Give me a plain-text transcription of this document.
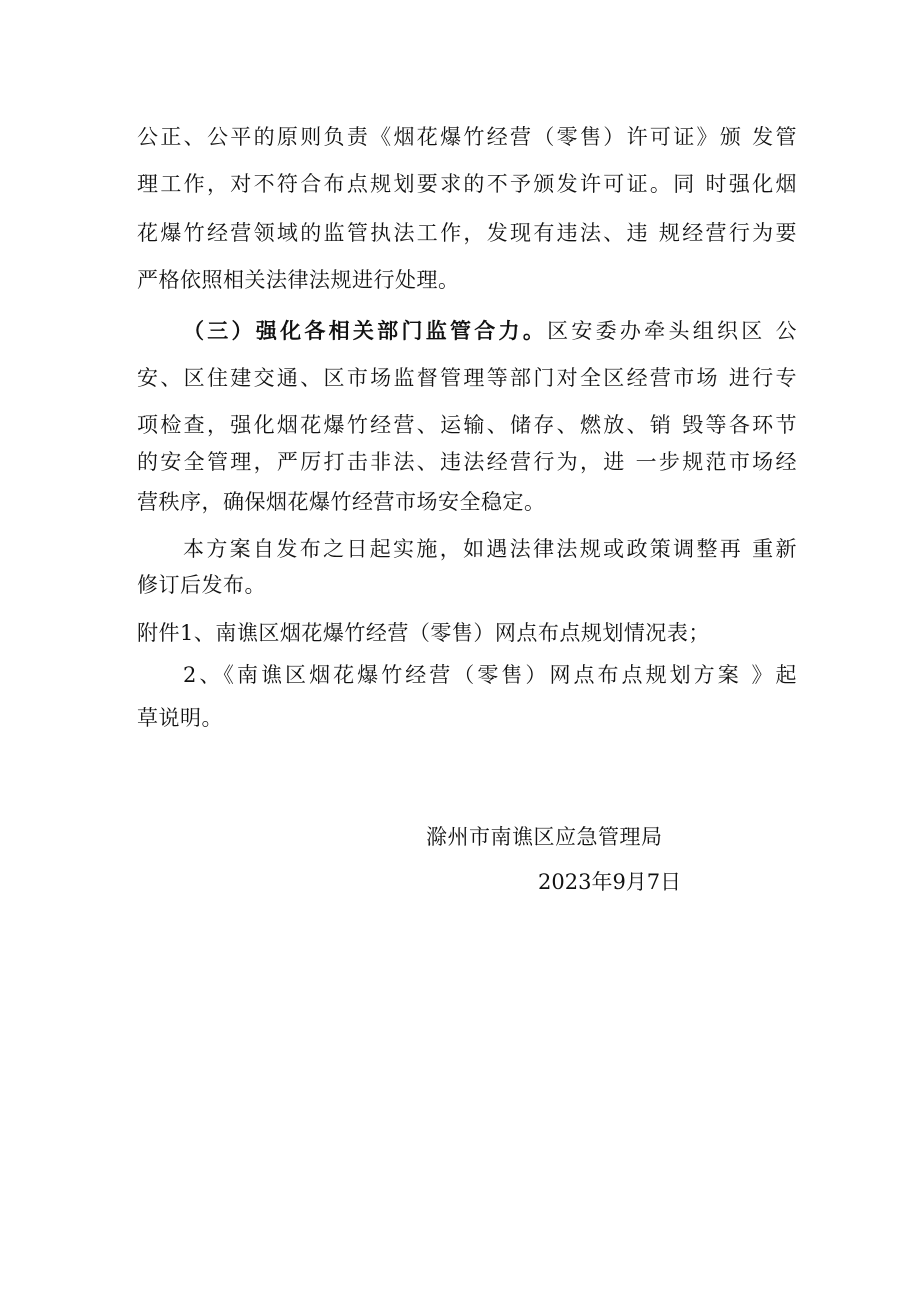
公正、公平的原则负责《烟花爆竹经营（零售）许可证》颁 发管
理工作，对不符合布点规划要求的不予颁发许可证。同 时强化烟
花爆竹经营领域的监管执法工作，发现有违法、违 规经营行为要
严格依照相关法律法规进行处理。
（三）强化各相关部门监管合力。区安委办牵头组织区 公
安、区住建交通、区市场监督管理等部门对全区经营市场 进行专
项检查，强化烟花爆竹经营、运输、储存、燃放、销 毁等各环节
的安全管理，严厉打击非法、违法经营行为，进 一步规范市场经
营秩序，确保烟花爆竹经营市场安全稳定。
本方案自发布之日起实施，如遇法律法规或政策调整再 重新
修订后发布。
附件1、南谯区烟花爆竹经营（零售）网点布点规划情况表；
2、《南谯区烟花爆竹经营（零售）网点布点规划方案 》起
草说明。
滁州市南谯区应急管理局
2023年9月7日
